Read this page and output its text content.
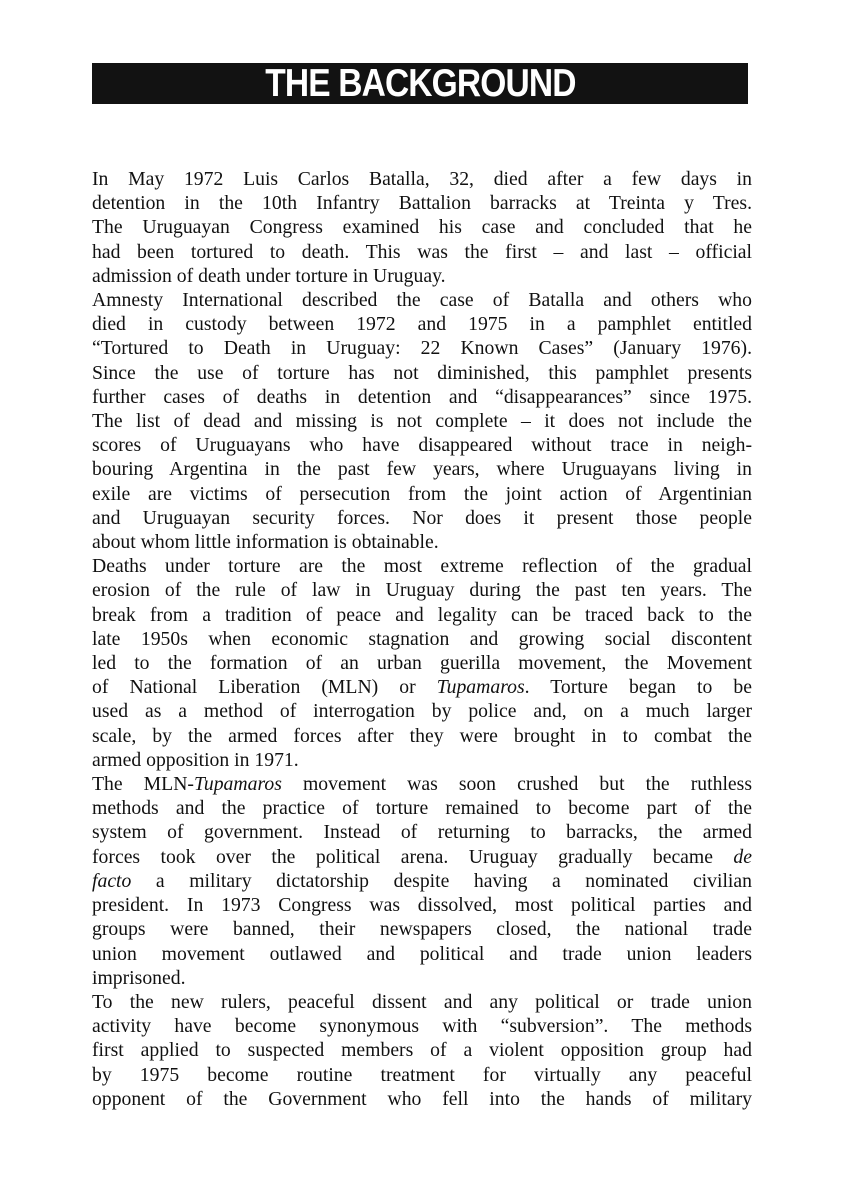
THE BACKGROUND
In May 1972 Luis Carlos Batalla, 32, died after a few days in
detention in the 10th Infantry Battalion barracks at Treinta y Tres.
The Uruguayan Congress examined his case and concluded that he
had been tortured to death. This was the first – and last – official
admission of death under torture in Uruguay.
Amnesty International described the case of Batalla and others who
died in custody between 1972 and 1975 in a pamphlet entitled
“Tortured to Death in Uruguay: 22 Known Cases” (January 1976).
Since the use of torture has not diminished, this pamphlet presents
further cases of deaths in detention and “disappearances” since 1975.
The list of dead and missing is not complete – it does not include the
scores of Uruguayans who have disappeared without trace in neigh-
bouring Argentina in the past few years, where Uruguayans living in
exile are victims of persecution from the joint action of Argentinian
and Uruguayan security forces. Nor does it present those people
about whom little information is obtainable.
Deaths under torture are the most extreme reflection of the gradual
erosion of the rule of law in Uruguay during the past ten years. The
break from a tradition of peace and legality can be traced back to the
late 1950s when economic stagnation and growing social discontent
led to the formation of an urban guerilla movement, the Movement
of National Liberation (MLN) or Tupamaros. Torture began to be
used as a method of interrogation by police and, on a much larger
scale, by the armed forces after they were brought in to combat the
armed opposition in 1971.
The MLN-Tupamaros movement was soon crushed but the ruthless
methods and the practice of torture remained to become part of the
system of government. Instead of returning to barracks, the armed
forces took over the political arena. Uruguay gradually became de
facto a military dictatorship despite having a nominated civilian
president. In 1973 Congress was dissolved, most political parties and
groups were banned, their newspapers closed, the national trade
union movement outlawed and political and trade union leaders
imprisoned.
To the new rulers, peaceful dissent and any political or trade union
activity have become synonymous with “subversion”. The methods
first applied to suspected members of a violent opposition group had
by 1975 become routine treatment for virtually any peaceful
opponent of the Government who fell into the hands of military
